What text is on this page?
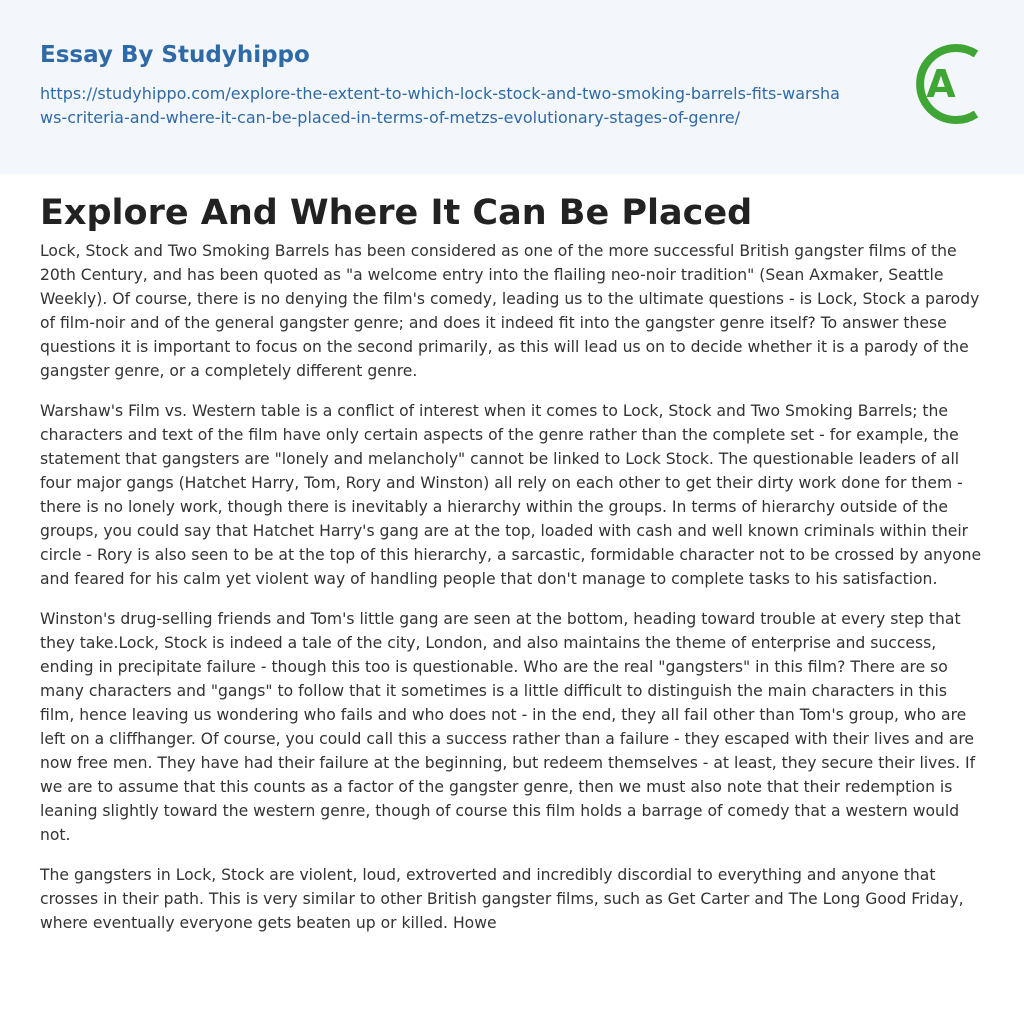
Essay By Studyhippo
https://studyhippo.com/explore-the-extent-to-which-lock-stock-and-two-smoking-barrels-fits-warshaws-criteria-and-where-it-can-be-placed-in-terms-of-metzs-evolutionary-stages-of-genre/
A
Explore And Where It Can Be Placed

Lock, Stock and Two Smoking Barrels has been considered as one of the more successful British gangster films of the 20th Century, and has been quoted as "a welcome entry into the flailing neo-noir tradition" (Sean Axmaker, Seattle Weekly). Of course, there is no denying the film's comedy, leading us to the ultimate questions - is Lock, Stock a parody of film-noir and of the general gangster genre; and does it indeed fit into the gangster genre itself? To answer these questions it is important to focus on the second primarily, as this will lead us on to decide whether it is a parody of the gangster genre, or a completely different genre.

Warshaw's Film vs. Western table is a conflict of interest when it comes to Lock, Stock and Two Smoking Barrels; the characters and text of the film have only certain aspects of the genre rather than the complete set - for example, the statement that gangsters are "lonely and melancholy" cannot be linked to Lock Stock. The questionable leaders of all four major gangs (Hatchet Harry, Tom, Rory and Winston) all rely on each other to get their dirty work done for them - there is no lonely work, though there is inevitably a hierarchy within the groups. In terms of hierarchy outside of the groups, you could say that Hatchet Harry's gang are at the top, loaded with cash and well known criminals within their circle - Rory is also seen to be at the top of this hierarchy, a sarcastic, formidable character not to be crossed by anyone and feared for his calm yet violent way of handling people that don't manage to complete tasks to his satisfaction.

Winston's drug-selling friends and Tom's little gang are seen at the bottom, heading toward trouble at every step that they take.Lock, Stock is indeed a tale of the city, London, and also maintains the theme of enterprise and success, ending in precipitate failure - though this too is questionable. Who are the real "gangsters" in this film? There are so many characters and "gangs" to follow that it sometimes is a little difficult to distinguish the main characters in this film, hence leaving us wondering who fails and who does not - in the end, they all fail other than Tom's group, who are left on a cliffhanger. Of course, you could call this a success rather than a failure - they escaped with their lives and are now free men. They have had their failure at the beginning, but redeem themselves - at least, they secure their lives. If we are to assume that this counts as a factor of the gangster genre, then we must also note that their redemption is leaning slightly toward the western genre, though of course this film holds a barrage of comedy that a western would not.

The gangsters in Lock, Stock are violent, loud, extroverted and incredibly discordial to everything and anyone that crosses in their path. This is very similar to other British gangster films, such as Get Carter and The Long Good Friday, where eventually everyone gets beaten up or killed. Howe
